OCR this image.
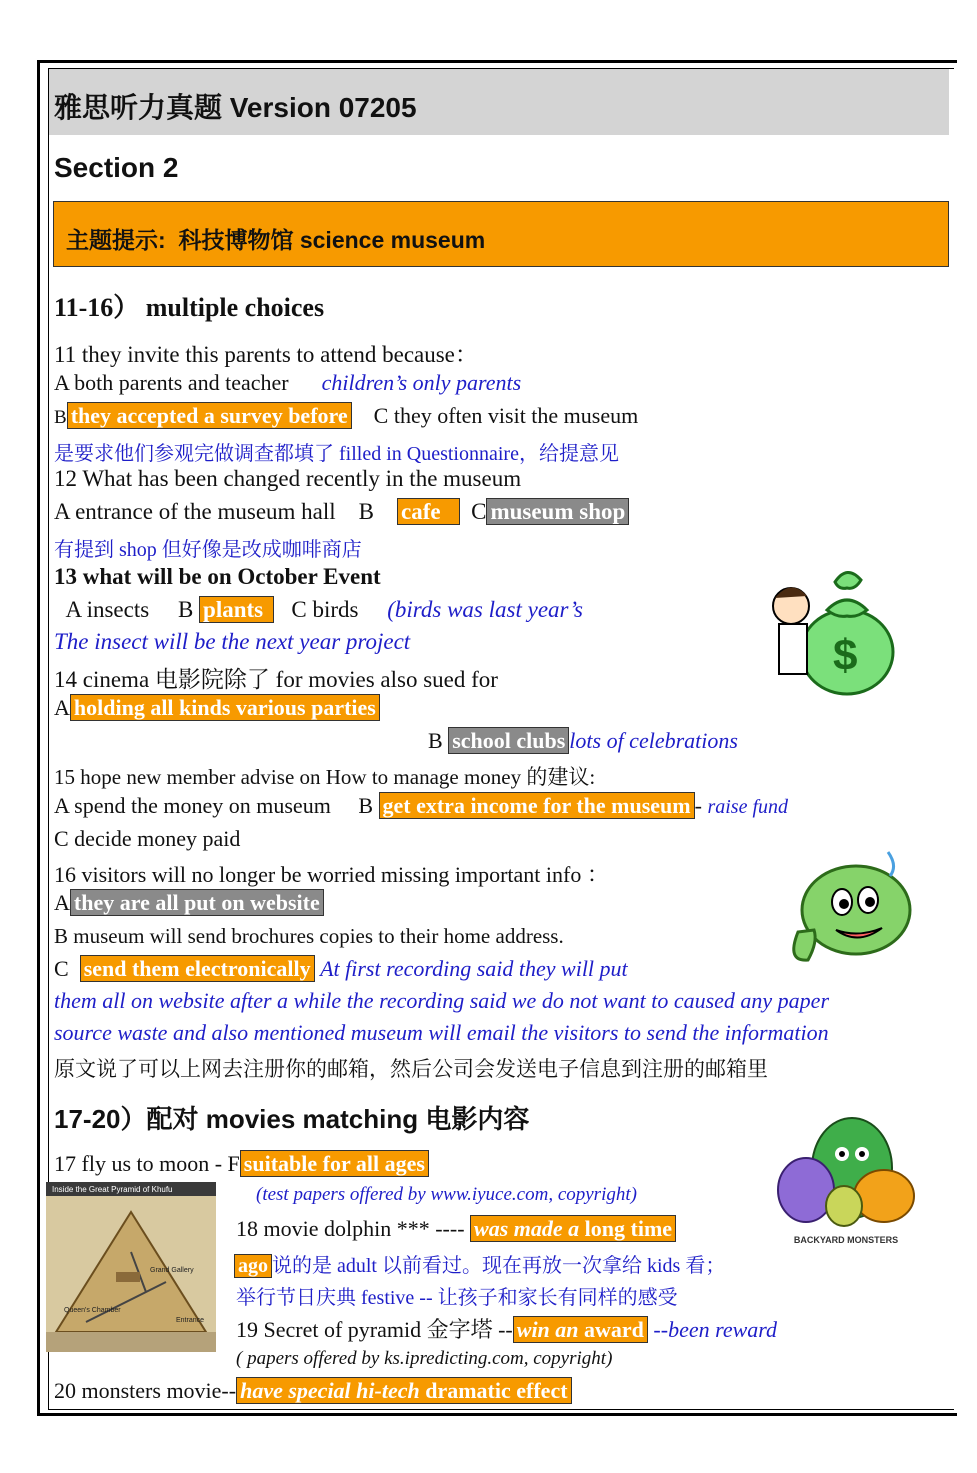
雅思听力真题 Version 07205
Section 2
主题提示: 科技博物馆 science museum
11-16） multiple choices
11 they invite this parents to attend because：
A both parents and teacher children’s only parents
B they accepted a survey before C they often visit the museum
是要求他们参观完做调查都填了 filled in Questionnaire，给提意见
12 What has been changed recently in the museum
A entrance of the museum hall B cafe C museum shop
有提到 shop 但好像是改成咖啡商店
13 what will be on October Event
A insects B plants C birds (birds was last year’s
The insect will be the next year project	$
14 cinema 电影院除了 for movies also sued for
A holding all kinds various parties
B school clubs lots of celebrations
15 hope new member advise on How to manage money 的建议:
A spend the money on museum B get extra income for the museum - raise fund
C decide money paid
16 visitors will no longer be worried missing important info ：
A they are all put on website
B museum will send brochures copies to their home address.
C send them electronically At first recording said they will put
them all on website after a while the recording said we do not want to caused any paper
source waste and also mentioned museum will email the visitors to send the information
原文说了可以上网去注册你的邮箱，然后公司会发送电子信息到注册的邮箱里
17-20）配对 movies matching 电影内容
17 fly us to moon - F suitable for all ages
BACKYARD MONSTERS
(test papers offered by www.iyuce.com, copyright)
Inside the Great Pyramid of Khufu
Queen's Chamber
Grand Gallery
Entrance
18 movie dolphin *** ---- was made a long time
ago 说的是 adult 以前看过。现在再放一次拿给 kids 看；
举行节日庆典 festive -- 让孩子和家长有同样的感受
19 Secret of pyramid 金字塔 -- win an award --been reward
( papers offered by ks.ipredicting.com, copyright)
20 monsters movie-- have special hi-tech dramatic effect
